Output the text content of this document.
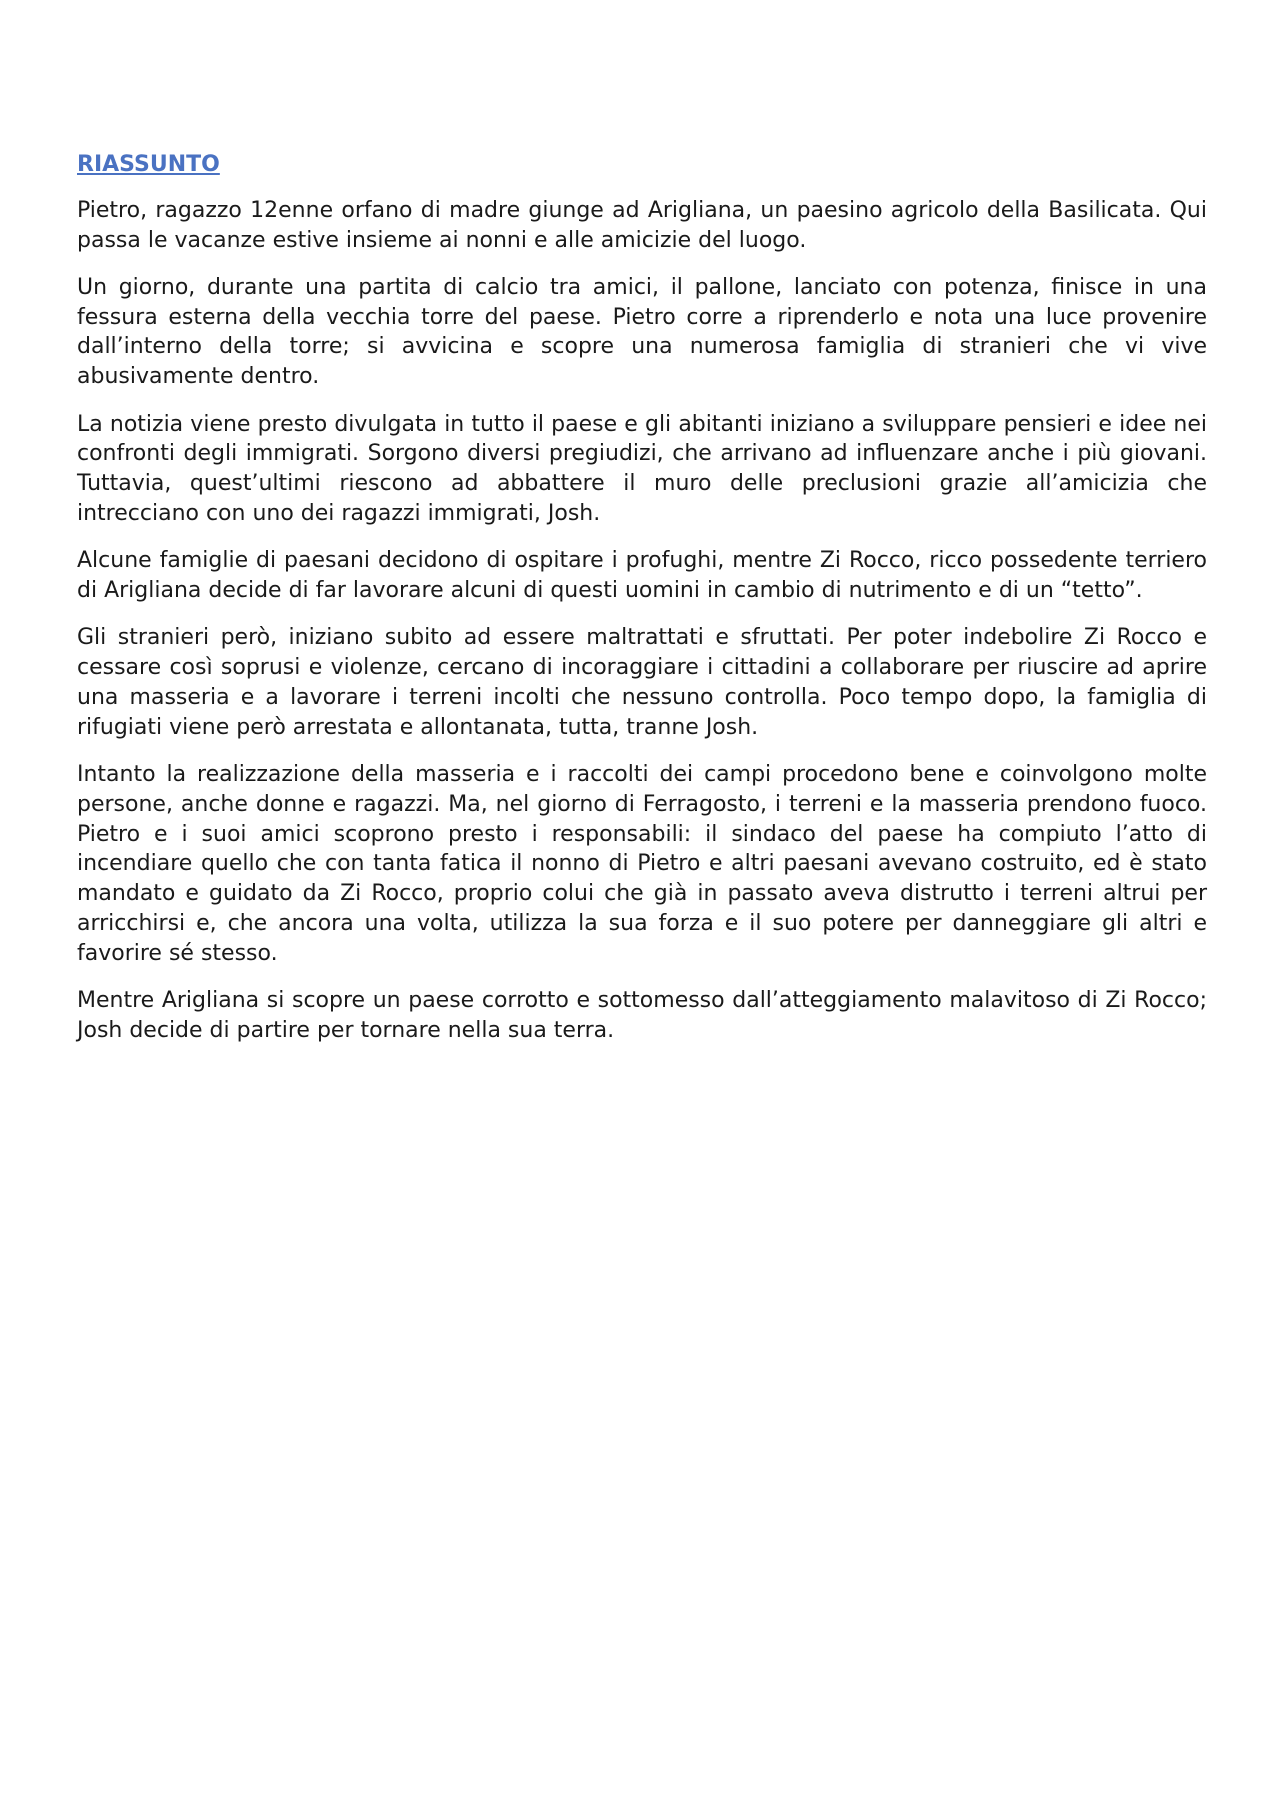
RIASSUNTO

Pietro, ragazzo 12enne orfano di madre giunge ad Arigliana, un paesino agricolo della Basilicata. Qui passa le vacanze estive insieme ai nonni e alle amicizie del luogo.

Un giorno, durante una partita di calcio tra amici, il pallone, lanciato con potenza, finisce in una fessura esterna della vecchia torre del paese. Pietro corre a riprenderlo e nota una luce provenire dall’interno della torre; si avvicina e scopre una numerosa famiglia di stranieri che vi vive abusivamente dentro.

La notizia viene presto divulgata in tutto il paese e gli abitanti iniziano a sviluppare pensieri e idee nei confronti degli immigrati. Sorgono diversi pregiudizi, che arrivano ad influenzare anche i più giovani. Tuttavia, quest’ultimi riescono ad abbattere il muro delle preclusioni grazie all’amicizia che intrecciano con uno dei ragazzi immigrati, Josh.

Alcune famiglie di paesani decidono di ospitare i profughi, mentre Zi Rocco, ricco possedente terriero di Arigliana decide di far lavorare alcuni di questi uomini in cambio di nutrimento e di un “tetto”.

Gli stranieri però, iniziano subito ad essere maltrattati e sfruttati. Per poter indebolire Zi Rocco e cessare così soprusi e violenze, cercano di incoraggiare i cittadini a collaborare per riuscire ad aprire una masseria e a lavorare i terreni incolti che nessuno controlla. Poco tempo dopo, la famiglia di rifugiati viene però arrestata e allontanata, tutta, tranne Josh.

Intanto la realizzazione della masseria e i raccolti dei campi procedono bene e coinvolgono molte persone, anche donne e ragazzi. Ma, nel giorno di Ferragosto, i terreni e la masseria prendono fuoco. Pietro e i suoi amici scoprono presto i responsabili: il sindaco del paese ha compiuto l’atto di incendiare quello che con tanta fatica il nonno di Pietro e altri paesani avevano costruito, ed è stato mandato e guidato da Zi Rocco, proprio colui che già in passato aveva distrutto i terreni altrui per arricchirsi e, che ancora una volta, utilizza la sua forza e il suo potere per danneggiare gli altri e favorire sé stesso.

Mentre Arigliana si scopre un paese corrotto e sottomesso dall’atteggiamento malavitoso di Zi Rocco; Josh decide di partire per tornare nella sua terra.
